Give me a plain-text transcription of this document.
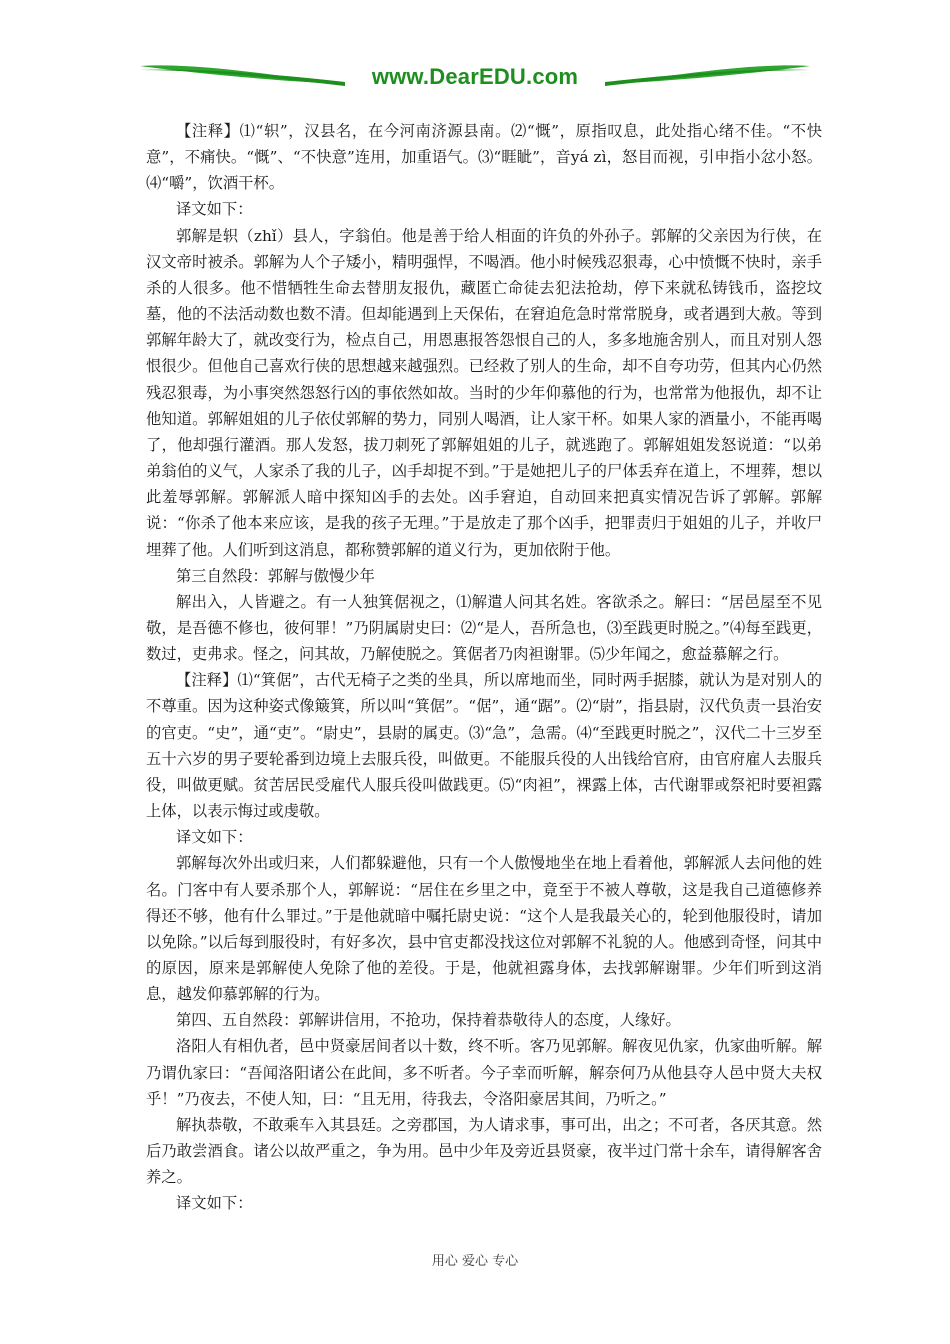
www.DearEDU.com

【注释】⑴“轵”，汉县名，在今河南济源县南。⑵“慨”，原指叹息，此处指心绪不佳。“不快意”，不痛快。“慨”、“不快意”连用，加重语气。⑶“睚眦”，音yá zì，怒目而视，引申指小忿小怒。⑷“嚼”，饮酒干杯。

译文如下：

郭解是轵（zhǐ）县人，字翁伯。他是善于给人相面的许负的外孙子。郭解的父亲因为行侠，在汉文帝时被杀。郭解为人个子矮小，精明强悍，不喝酒。他小时候残忍狠毒，心中愤慨不快时，亲手杀的人很多。他不惜牺牲生命去替朋友报仇，藏匿亡命徒去犯法抢劫，停下来就私铸钱币，盗挖坟墓，他的不法活动数也数不清。但却能遇到上天保佑，在窘迫危急时常常脱身，或者遇到大赦。等到郭解年龄大了，就改变行为，检点自己，用恩惠报答怨恨自己的人，多多地施舍别人，而且对别人怨恨很少。但他自己喜欢行侠的思想越来越强烈。已经救了别人的生命，却不自夸功劳，但其内心仍然残忍狠毒，为小事突然怨怒行凶的事依然如故。当时的少年仰慕他的行为，也常常为他报仇，却不让他知道。郭解姐姐的儿子依仗郭解的势力，同别人喝酒，让人家干杯。如果人家的酒量小，不能再喝了，他却强行灌酒。那人发怒，拔刀刺死了郭解姐姐的儿子，就逃跑了。郭解姐姐发怒说道：“以弟弟翁伯的义气，人家杀了我的儿子，凶手却捉不到。”于是她把儿子的尸体丢弃在道上，不埋葬，想以此羞辱郭解。郭解派人暗中探知凶手的去处。凶手窘迫，自动回来把真实情况告诉了郭解。郭解说：“你杀了他本来应该，是我的孩子无理。”于是放走了那个凶手，把罪责归于姐姐的儿子，并收尸埋葬了他。人们听到这消息，都称赞郭解的道义行为，更加依附于他。

第三自然段：郭解与傲慢少年

解出入，人皆避之。有一人独箕倨视之，⑴解遣人问其名姓。客欲杀之。解曰：“居邑屋至不见敬，是吾德不修也，彼何罪！”乃阴属尉史曰：⑵“是人，吾所急也，⑶至践更时脱之。”⑷每至践更，数过，吏弗求。怪之，问其故，乃解使脱之。箕倨者乃肉袒谢罪。⑸少年闻之，愈益慕解之行。

【注释】⑴“箕倨”，古代无椅子之类的坐具，所以席地而坐，同时两手据膝，就认为是对别人的不尊重。因为这种姿式像簸箕，所以叫“箕倨”。“倨”，通“踞”。⑵“尉”，指县尉，汉代负责一县治安的官吏。“史”，通“吏”。“尉史”，县尉的属吏。⑶“急”，急需。⑷“至践更时脱之”，汉代二十三岁至五十六岁的男子要轮番到边境上去服兵役，叫做更。不能服兵役的人出钱给官府，由官府雇人去服兵役，叫做更赋。贫苦居民受雇代人服兵役叫做践更。⑸“肉袒”，裸露上体，古代谢罪或祭祀时要袒露上体，以表示悔过或虔敬。

译文如下：

郭解每次外出或归来，人们都躲避他，只有一个人傲慢地坐在地上看着他，郭解派人去问他的姓名。门客中有人要杀那个人，郭解说：“居住在乡里之中，竟至于不被人尊敬，这是我自己道德修养得还不够，他有什么罪过。”于是他就暗中嘱托尉史说：“这个人是我最关心的，轮到他服役时，请加以免除。”以后每到服役时，有好多次，县中官吏都没找这位对郭解不礼貌的人。他感到奇怪，问其中的原因，原来是郭解使人免除了他的差役。于是，他就袒露身体，去找郭解谢罪。少年们听到这消息，越发仰慕郭解的行为。

第四、五自然段：郭解讲信用，不抢功，保持着恭敬待人的态度，人缘好。

洛阳人有相仇者，邑中贤豪居间者以十数，终不听。客乃见郭解。解夜见仇家，仇家曲听解。解乃谓仇家曰：“吾闻洛阳诸公在此间，多不听者。今子幸而听解，解奈何乃从他县夺人邑中贤大夫权乎！”乃夜去，不使人知，曰：“且无用，待我去，令洛阳豪居其间，乃听之。”

解执恭敬，不敢乘车入其县廷。之旁郡国，为人请求事，事可出，出之；不可者，各厌其意。然后乃敢尝酒食。诸公以故严重之，争为用。邑中少年及旁近县贤豪，夜半过门常十余车，请得解客舍养之。

译文如下：

用心 爱心 专心
